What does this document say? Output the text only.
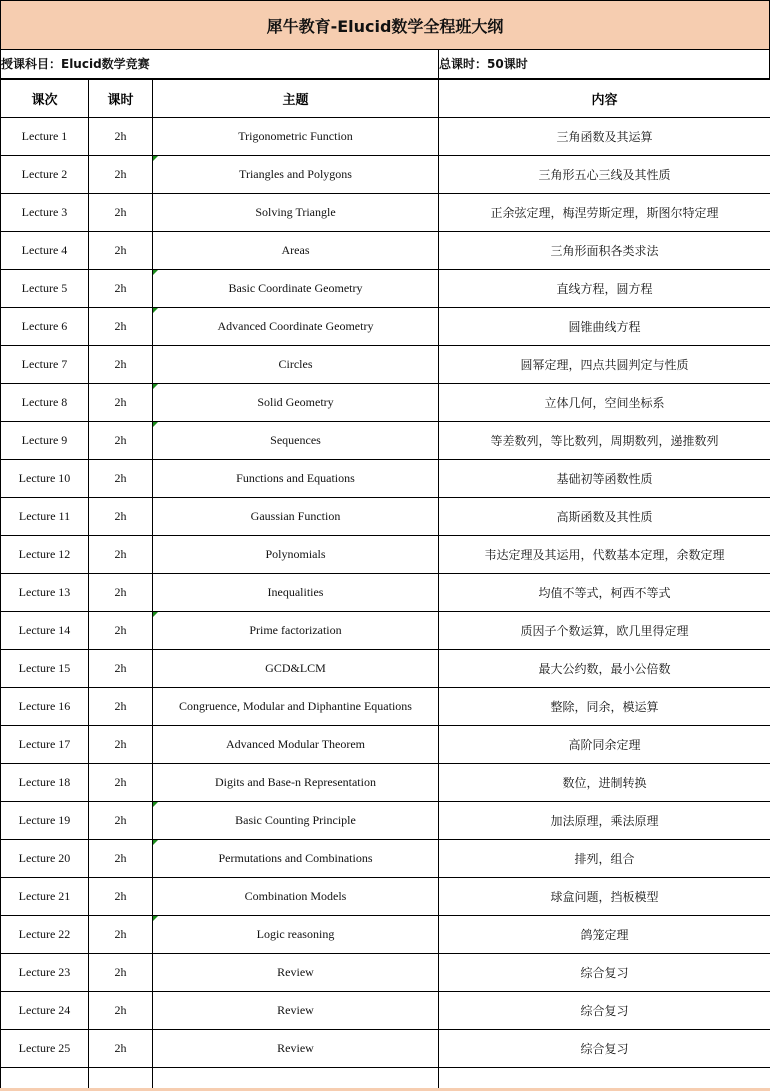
犀牛教育-Elucid数学全程班大纲
授课科目：Elucid数学竞赛	总课时：50课时
课次	课时	主题	内容
Lecture 1	2h	Trigonometric Function	三角函数及其运算
Lecture 2	2h	Triangles and Polygons	三角形五心三线及其性质
Lecture 3	2h	Solving Triangle	正余弦定理，梅涅劳斯定理，斯图尔特定理
Lecture 4	2h	Areas	三角形面积各类求法
Lecture 5	2h	Basic Coordinate Geometry	直线方程，圆方程
Lecture 6	2h	Advanced Coordinate Geometry	圆锥曲线方程
Lecture 7	2h	Circles	圆幂定理，四点共圆判定与性质
Lecture 8	2h	Solid Geometry	立体几何，空间坐标系
Lecture 9	2h	Sequences	等差数列，等比数列，周期数列，递推数列
Lecture 10	2h	Functions and Equations	基础初等函数性质
Lecture 11	2h	Gaussian Function	高斯函数及其性质
Lecture 12	2h	Polynomials	韦达定理及其运用，代数基本定理，余数定理
Lecture 13	2h	Inequalities	均值不等式，柯西不等式
Lecture 14	2h	Prime factorization	质因子个数运算，欧几里得定理
Lecture 15	2h	GCD&LCM	最大公约数，最小公倍数
Lecture 16	2h	Congruence, Modular and Diphantine Equations	整除，同余，模运算
Lecture 17	2h	Advanced Modular Theorem	高阶同余定理
Lecture 18	2h	Digits and Base-n Representation	数位，进制转换
Lecture 19	2h	Basic Counting Principle	加法原理，乘法原理
Lecture 20	2h	Permutations and Combinations	排列，组合
Lecture 21	2h	Combination Models	球盒问题，挡板模型
Lecture 22	2h	Logic reasoning	鸽笼定理
Lecture 23	2h	Review	综合复习
Lecture 24	2h	Review	综合复习
Lecture 25	2h	Review	综合复习
